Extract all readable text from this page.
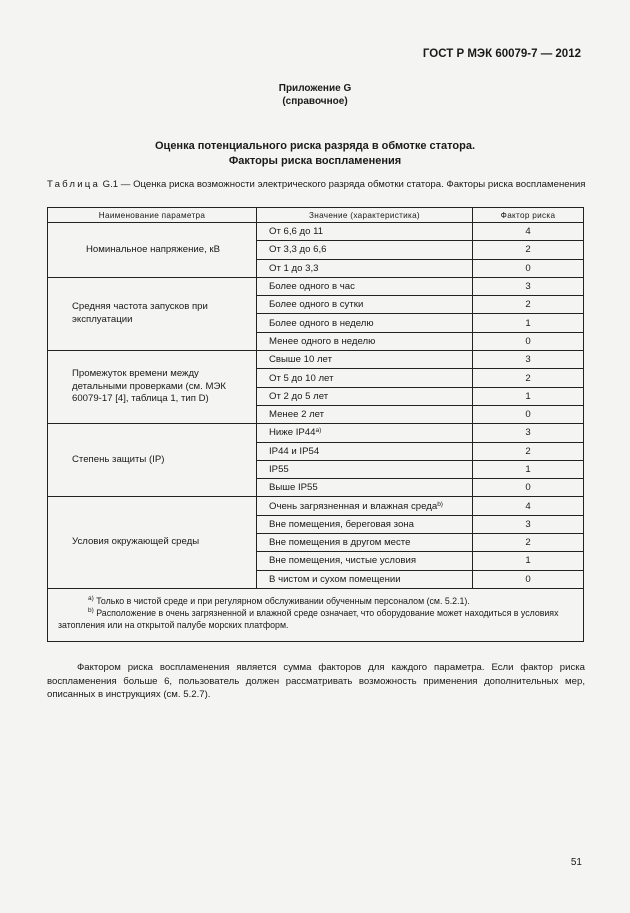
ГОСТ Р МЭК 60079-7 — 2012
Приложение G
(справочное)
Оценка потенциального риска разряда в обмотке статора.
Факторы риска воспламенения
Таблица G.1 — Оценка риска возможности электрического разряда обмотки статора. Факторы риска воспламенения
Наименование параметра	Значение (характеристика)	Фактор риска
Номинальное напряжение, кВ	От 6,6 до 11	4
	От 3,3 до 6,6	2
	От 1 до 3,3	0
Средняя частота запусков при эксплуатации	Более одного в час	3
	Более одного в сутки	2
	Более одного в неделю	1
	Менее одного в неделю	0
Промежуток времени между детальными проверками (см. МЭК 60079-17 [4], таблица 1, тип D)	Свыше 10 лет	3
	От 5 до 10 лет	2
	От 2 до 5 лет	1
	Менее 2 лет	0
Степень защиты (IP)	Ниже IP44$^{a)}$	3
	IP44 и IP54	2
	IP55	1
	Выше IP55	0
Условия окружающей среды	Очень загрязненная и влажная среда$^{b)}$	4
	Вне помещения, береговая зона	3
	Вне помещения в другом месте	2
	Вне помещения, чистые условия	1
	В чистом и сухом помещении	0

$^{a)}$ Только в чистой среде и при регулярном обслуживании обученным персоналом (см. 5.2.1).

$^{b)}$ Расположение в очень загрязненной и влажной среде означает, что оборудование может находиться в условиях затопления или на открытой палубе морских платформ.		

Фактором риска воспламенения является сумма факторов для каждого параметра. Если фактор риска воспламенения больше 6, пользователь должен рассматривать возможность применения дополнительных мер, описанных в инструкциях (см. 5.2.7).
51
